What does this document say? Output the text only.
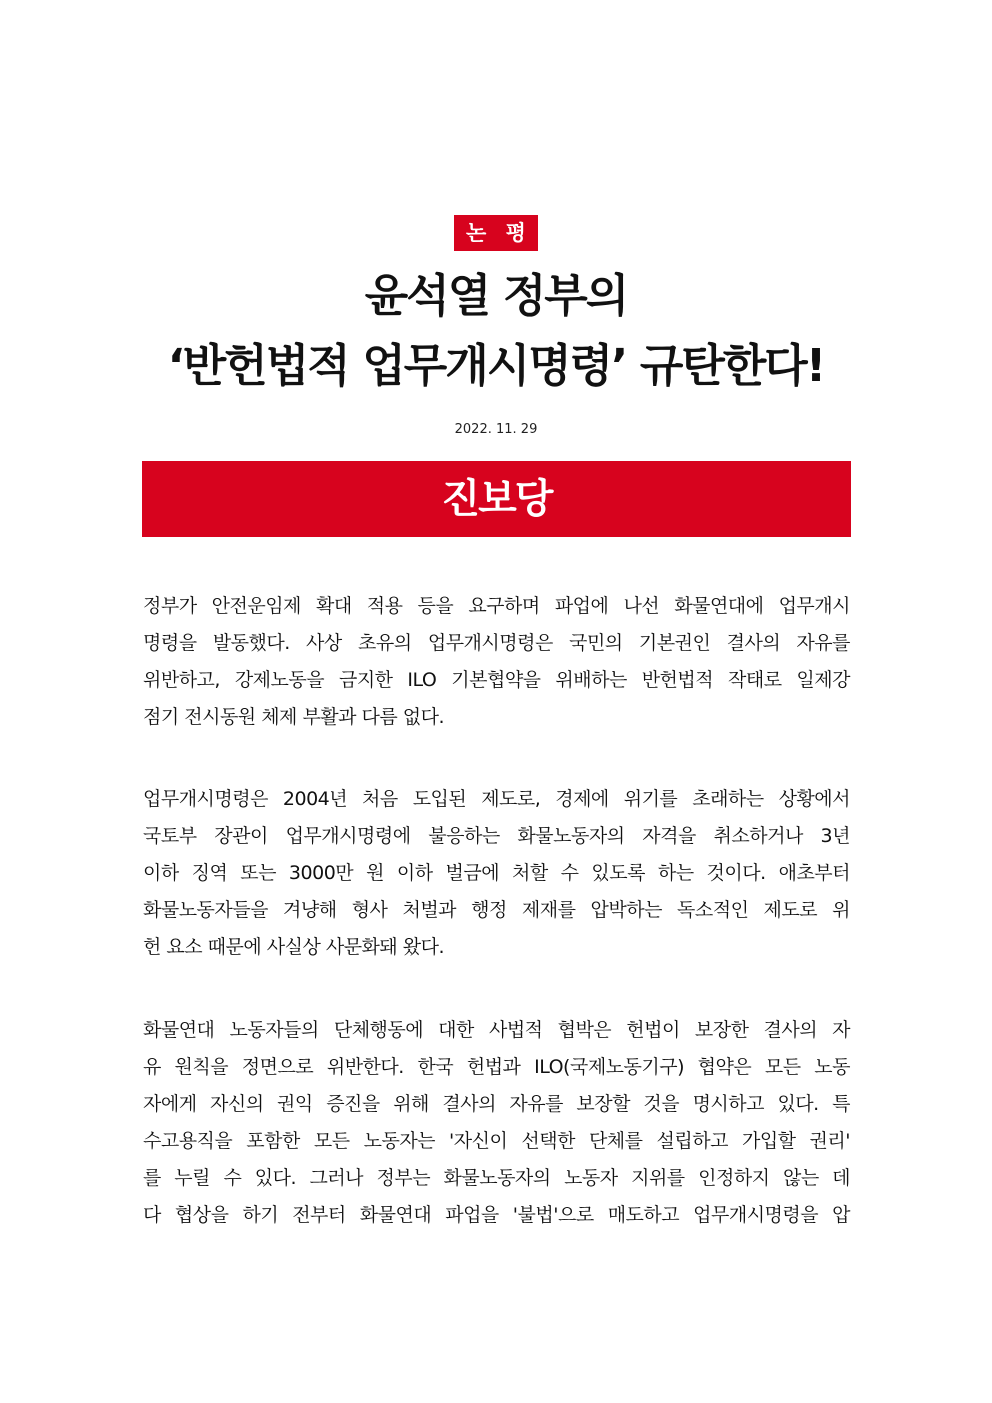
논 평
윤석열 정부의
‘반헌법적 업무개시명령’ 규탄한다!
2022. 11. 29
진보당
정부가 안전운임제 확대 적용 등을 요구하며 파업에 나선 화물연대에 업무개시
명령을 발동했다. 사상 초유의 업무개시명령은 국민의 기본권인 결사의 자유를
위반하고, 강제노동을 금지한 ILO 기본협약을 위배하는 반헌법적 작태로 일제강
점기 전시동원 체제 부활과 다름 없다.
업무개시명령은 2004년 처음 도입된 제도로, 경제에 위기를 초래하는 상황에서
국토부 장관이 업무개시명령에 불응하는 화물노동자의 자격을 취소하거나 3년
이하 징역 또는 3000만 원 이하 벌금에 처할 수 있도록 하는 것이다. 애초부터
화물노동자들을 겨냥해 형사 처벌과 행정 제재를 압박하는 독소적인 제도로 위
헌 요소 때문에 사실상 사문화돼 왔다.
화물연대 노동자들의 단체행동에 대한 사법적 협박은 헌법이 보장한 결사의 자
유 원칙을 정면으로 위반한다. 한국 헌법과 ILO(국제노동기구) 협약은 모든 노동
자에게 자신의 권익 증진을 위해 결사의 자유를 보장할 것을 명시하고 있다. 특
수고용직을 포함한 모든 노동자는 '자신이 선택한 단체를 설립하고 가입할 권리'
를 누릴 수 있다. 그러나 정부는 화물노동자의 노동자 지위를 인정하지 않는 데
다 협상을 하기 전부터 화물연대 파업을 '불법'으로 매도하고 업무개시명령을 압
